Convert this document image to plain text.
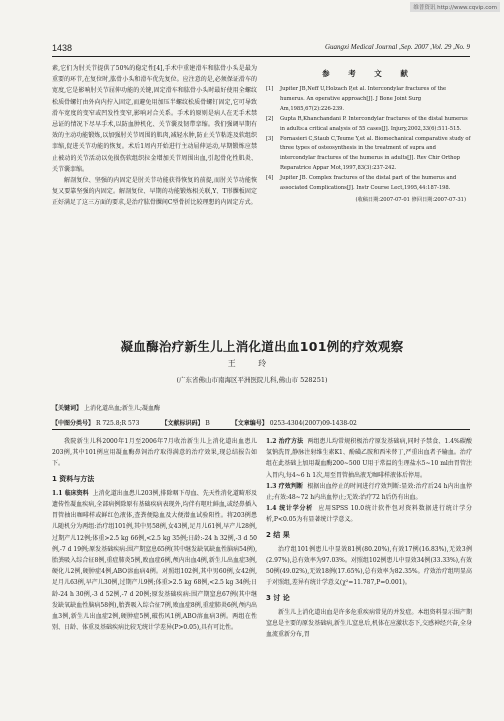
维普资讯 http://www.cqvip.com
1438	Guangxi Medical Journal ,Sep. 2007 ,Vol. 29 ,No. 9

素,它们为肘关节提供了50%的稳定性[4],手术中重建滑车和肱骨小头是最为重要的环节,在复位时,肱骨小头和滑车优先复位。应注意的是,必须保证滑车的宽度,它是影响肘关节屈伸功能的关键,固定滑车和肱骨小头时最好使用全螺纹松质骨螺钉由外向内拧入固定,而避免用加压半螺纹松质骨螺钉固定,它可导致滑车宽度的变窄或凹发性变窄,影响对合关系。手术的原则是病人在无手术禁忌证的情况下尽早手术,以防血肿机化、关节囊及韧带挛缩。我们强调早期有效的主动功能锻炼,以加强肘关节周围的肌肉,减轻水肿,防止关节粘连及软组织挛缩,促进关节功能的恢复。术后1周内开始进行主动屈伸运动,早期锻炼应禁止被动的关节活动以免损伤软组织拉金增加关节周围出血,引起骨化性肌炎、关节囊挛缩。

解剖复位、坚强的内固定是肘关节功能获得恢复的前提,而肘关节功能恢复又要靠坚强的内固定。解剖复位、早期的功能锻炼相关联,Y、T形髁板固定正好满足了这三方面的要求,是治疗肱骨髁间C型骨折比较理想的内固定方式。

参 考 文 献
[1]	Jupiter JB,Neff U,Holzach P,et al. Intercondylar fractures of the humerus. An operative approach[J]. J Bone Joint Surg Am,1985,67(2):226-239.
[2]	Gupta R,Khanchandani P. Intercondylar fractures of the distal humerus in adults:a critical analysis of 55 cases[J]. Injury,2002,33(6):511-515.
[3]	Fornasieri C,Staub C,Teume Y,et al. Biomechanical comparative study of three types of osteosynthesis in the treatment of supra and intercondylar fractures of the humerus in adults[J]. Rev Chir Orthop Reparatrice Appar Mot,1997,83(3):237-242.
[4]	Jupiter JB. Complex fractures of the distal part of the humerus and associated Complications[J]. Instr Course Lect,1995,44:187-198.
(收稿日期:2007-07-01 修回日期:2007-07-31)
凝血酶治疗新生儿上消化道出血101例的疗效观察
王 玲
(广东省佛山市南海区平洲医院儿科,佛山市 528251)
【关键词】 上消化道出血;新生儿;凝血酶
【中图分类号】 R 725.8;R 573	【文献标识码】 B	【文章编号】 0253-4304(2007)09-1438-02

我院新生儿科2000年1月至2006年7月收治新生儿上消化道出血患儿203例,其中101例应用凝血酶鼻饲治疗取得满意的治疗效果,现总结报告如下。

1 资料与方法

1.1 临床资料 上消化道出血患儿203例,排除咽下母血、先天性消化道畸形及遗传性凝血疾病,全部病例除原有基础疾病表现外,均伴有呕吐鲜血,或经鼻插入胃管抽出咖啡样或鲜红色液体,查粪便隐血及大便潜血试验阳性。将203例患儿随机分为两组:治疗组101例,其中男58例,女43例,足月儿61例,早产儿28例,过期产儿12例;体重>2.5 kg 66例,<2.5 kg 35例;日龄:-24 h 32例,-3 d 50例,-7 d 19例;原发基础疾病:围产期窒息65例(其中继发缺氧缺血性脑病54例),胎粪吸入综合征8例,重症肺炎5例,败血症6例,颅内出血4例,新生儿出血症3例,硬化儿2例,硬肿症4例,ABO溶血病4例。对照组102例,其中男60例,女42例,足月儿63例,早产儿30例,过期产儿9例;体重>2.5 kg 68例,<2.5 kg 34例;日龄-24 h 30例,-3 d 52例,-7 d 20例;原发基础疾病:围产期窒息67例(其中继发缺氧缺血性脑病58例),胎粪吸入综合征7例,败血症8例,重症肺炎6例,颅内出血3例,新生儿出血症2例,硬肿症5例,破伤风1例,ABO溶血病3例。两组在性别、日龄、体重及基础疾病比较无统计学差异(P>0.05),具有可比性。

1.2 治疗方法 两组患儿均常规积极治疗原发基础病,同时予禁食、1.4%碳酸氢钠洗胃,静脉注射维生素K1、酚磺乙胺和西米替丁,严重出血者予输血。治疗组在此基础上加用凝血酶200~500 U用于常温的生理盐水5~10 ml由胃管注入胃内,每4~6 h 1次,用至胃管抽出液无咖啡样液体后停用。

1.3 疗效判断 根据出血停止的时间进行疗效判断:显效:治疗后24 h内出血停止;有效:48~72 h内出血停止;无效:治疗72 h后仍有出血。

1.4 统计学分析 应用SPSS 10.0统计软件包对资料数据进行统计学分析,P<0.05为有显著统计学意义。

2 结 果

治疗组101例患儿中显效81例(80.20%),有效17例(16.83%),无效3例(2.97%),总有效率为97.03%。对照组102例患儿中显效34例(33.33%),有效50例(49.02%),无效18例(17.65%),总有效率为82.35%。疗效治疗组明显高于对照组,差异有统计学意义(χ²=11.787,P=0.001)。

3 讨 论

新生儿上消化道出血是许多危重疾病常见的并发症。本组资料显示围产期窒息是主要的原发基础病,新生儿窒息后,机体在应激状态下,交感神经兴奋,全身血流重新分布,胃
